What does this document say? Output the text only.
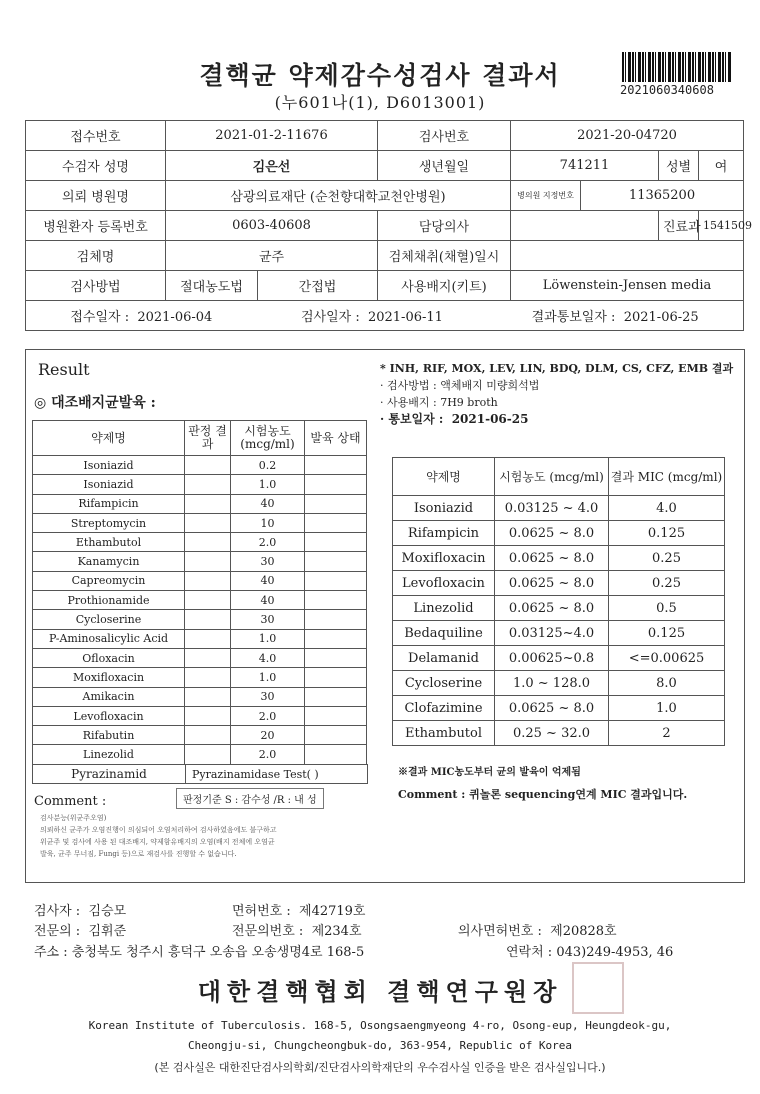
결핵균 약제감수성검사 결과서
(누601나(1), D6013001)
2021060340608
접수번호	2021-01-2-11676		검사번호	2021-20-04720			
수검자 성명	김은선		생년월일	741211		성별	여
의뢰 병원명	삼광의료재단 (순천향대학교천안병원)			병의원 지정번호	11365200		
병원환자 등록번호	0603-40608		담당의사			진료과	1541509
검체명	균주		검체채취(채혈)일시				
검사방법	절대농도법	간접법	사용배지(키트)	Löwenstein-Jensen media			

접수일자 : 2021-06-04 검사일자 : 2021-06-11 결과통보일자 : 2021-06-25							
Result
◎ 대조배지균발육 :
약제명	판정 결과	시험농도 (mcg/ml)	발육 상태
Isoniazid		0.2	
Isoniazid		1.0	
Rifampicin		40	
Streptomycin		10	
Ethambutol		2.0	
Kanamycin		30	
Capreomycin		40	
Prothionamide		40	
Cycloserine		30	
P-Aminosalicylic Acid		1.0	
Ofloxacin		4.0	
Moxifloxacin		1.0	
Amikacin		30	
Levofloxacin		2.0	
Rifabutin		20	
Linezolid		2.0	
Pyrazinamid	Pyrazinamidase Test( )
Comment :	판정기준 S : 감수성 /R : 내 성
검사분능(위균주오염)
의뢰하신 균주가 오염진행이 의심되어 오염처리하여 검사하였음에도 불구하고
위균주 및 검사에 사용 된 대조배지, 약제함유배지의 오염(배지 전체에 오염균
발육, 균주 무너짐, Fungi 등)으로 재검사를 진행할 수 없습니다.
* INH, RIF, MOX, LEV, LIN, BDQ, DLM, CS, CFZ, EMB 결과
· 검사방법 : 액체배지 미량희석법
· 사용배지 : 7H9 broth
· 통보일자 : 2021-06-25
약제명	시험농도 (mcg/ml)	결과 MIC (mcg/ml)
Isoniazid	0.03125 ~ 4.0	4.0
Rifampicin	0.0625 ~ 8.0	0.125
Moxifloxacin	0.0625 ~ 8.0	0.25
Levofloxacin	0.0625 ~ 8.0	0.25
Linezolid	0.0625 ~ 8.0	0.5
Bedaquiline	0.03125~4.0	0.125
Delamanid	0.00625~0.8	<=0.00625
Cycloserine	1.0 ~ 128.0	8.0
Clofazimine	0.0625 ~ 8.0	1.0
Ethambutol	0.25 ~ 32.0	2
※결과 MIC농도부터 균의 발육이 억제됨
Comment : 퀴놀론 sequencing연계 MIC 결과입니다.
검사자 : 김승모	면허번호 : 제42719호
전문의 : 김휘준	전문의번호 : 제234호	의사면허번호 : 제20828호
주소 : 충청북도 청주시 흥덕구 오송읍 오송생명4로 168-5	연락처 : 043)249-4953, 46
대한결핵협회 결핵연구원장
Korean Institute of Tuberculosis. 168-5, Osongsaengmyeong 4-ro, Osong-eup, Heungdeok-gu,
Cheongju-si, Chungcheongbuk-do, 363-954, Republic of Korea
(본 검사실은 대한진단검사의학회/진단검사의학재단의 우수검사실 인증을 받은 검사실입니다.)
